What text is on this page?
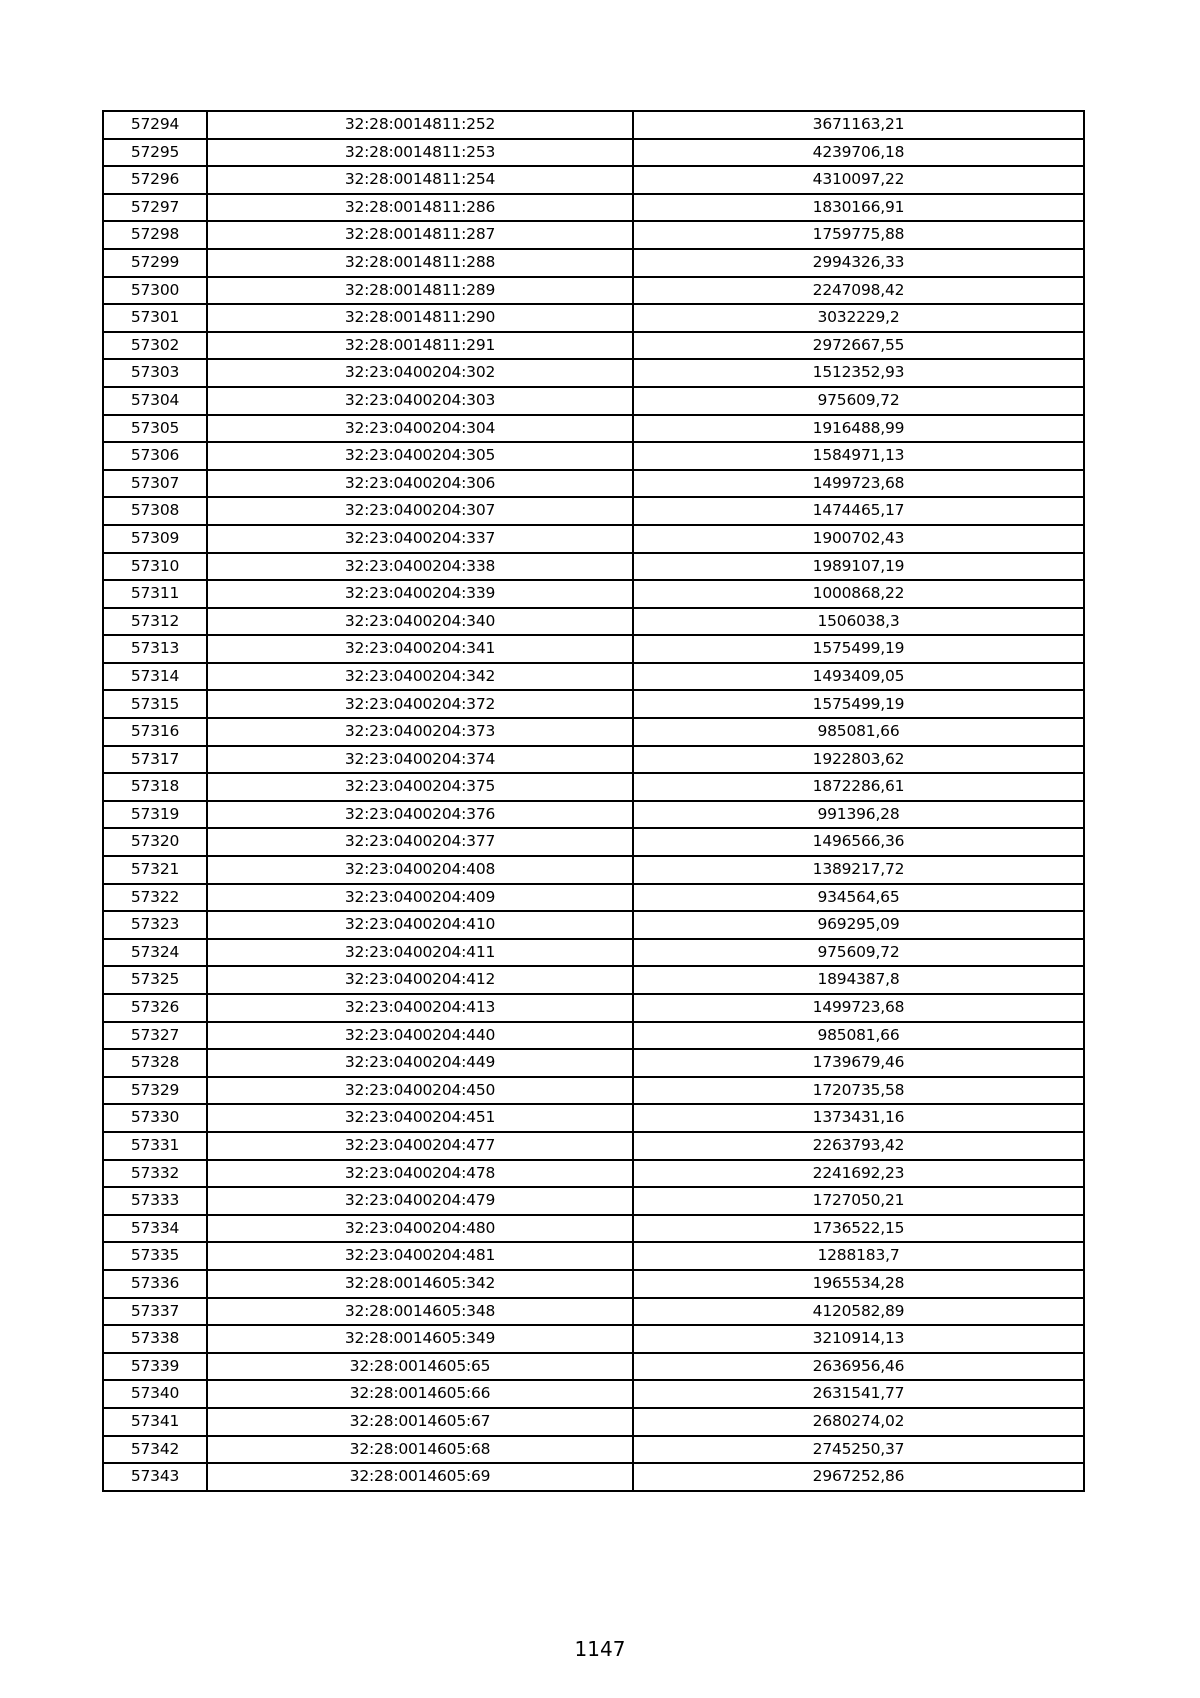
57294	32:28:0014811:252	3671163,21
57295	32:28:0014811:253	4239706,18
57296	32:28:0014811:254	4310097,22
57297	32:28:0014811:286	1830166,91
57298	32:28:0014811:287	1759775,88
57299	32:28:0014811:288	2994326,33
57300	32:28:0014811:289	2247098,42
57301	32:28:0014811:290	3032229,2
57302	32:28:0014811:291	2972667,55
57303	32:23:0400204:302	1512352,93
57304	32:23:0400204:303	975609,72
57305	32:23:0400204:304	1916488,99
57306	32:23:0400204:305	1584971,13
57307	32:23:0400204:306	1499723,68
57308	32:23:0400204:307	1474465,17
57309	32:23:0400204:337	1900702,43
57310	32:23:0400204:338	1989107,19
57311	32:23:0400204:339	1000868,22
57312	32:23:0400204:340	1506038,3
57313	32:23:0400204:341	1575499,19
57314	32:23:0400204:342	1493409,05
57315	32:23:0400204:372	1575499,19
57316	32:23:0400204:373	985081,66
57317	32:23:0400204:374	1922803,62
57318	32:23:0400204:375	1872286,61
57319	32:23:0400204:376	991396,28
57320	32:23:0400204:377	1496566,36
57321	32:23:0400204:408	1389217,72
57322	32:23:0400204:409	934564,65
57323	32:23:0400204:410	969295,09
57324	32:23:0400204:411	975609,72
57325	32:23:0400204:412	1894387,8
57326	32:23:0400204:413	1499723,68
57327	32:23:0400204:440	985081,66
57328	32:23:0400204:449	1739679,46
57329	32:23:0400204:450	1720735,58
57330	32:23:0400204:451	1373431,16
57331	32:23:0400204:477	2263793,42
57332	32:23:0400204:478	2241692,23
57333	32:23:0400204:479	1727050,21
57334	32:23:0400204:480	1736522,15
57335	32:23:0400204:481	1288183,7
57336	32:28:0014605:342	1965534,28
57337	32:28:0014605:348	4120582,89
57338	32:28:0014605:349	3210914,13
57339	32:28:0014605:65	2636956,46
57340	32:28:0014605:66	2631541,77
57341	32:28:0014605:67	2680274,02
57342	32:28:0014605:68	2745250,37
57343	32:28:0014605:69	2967252,86
1147
